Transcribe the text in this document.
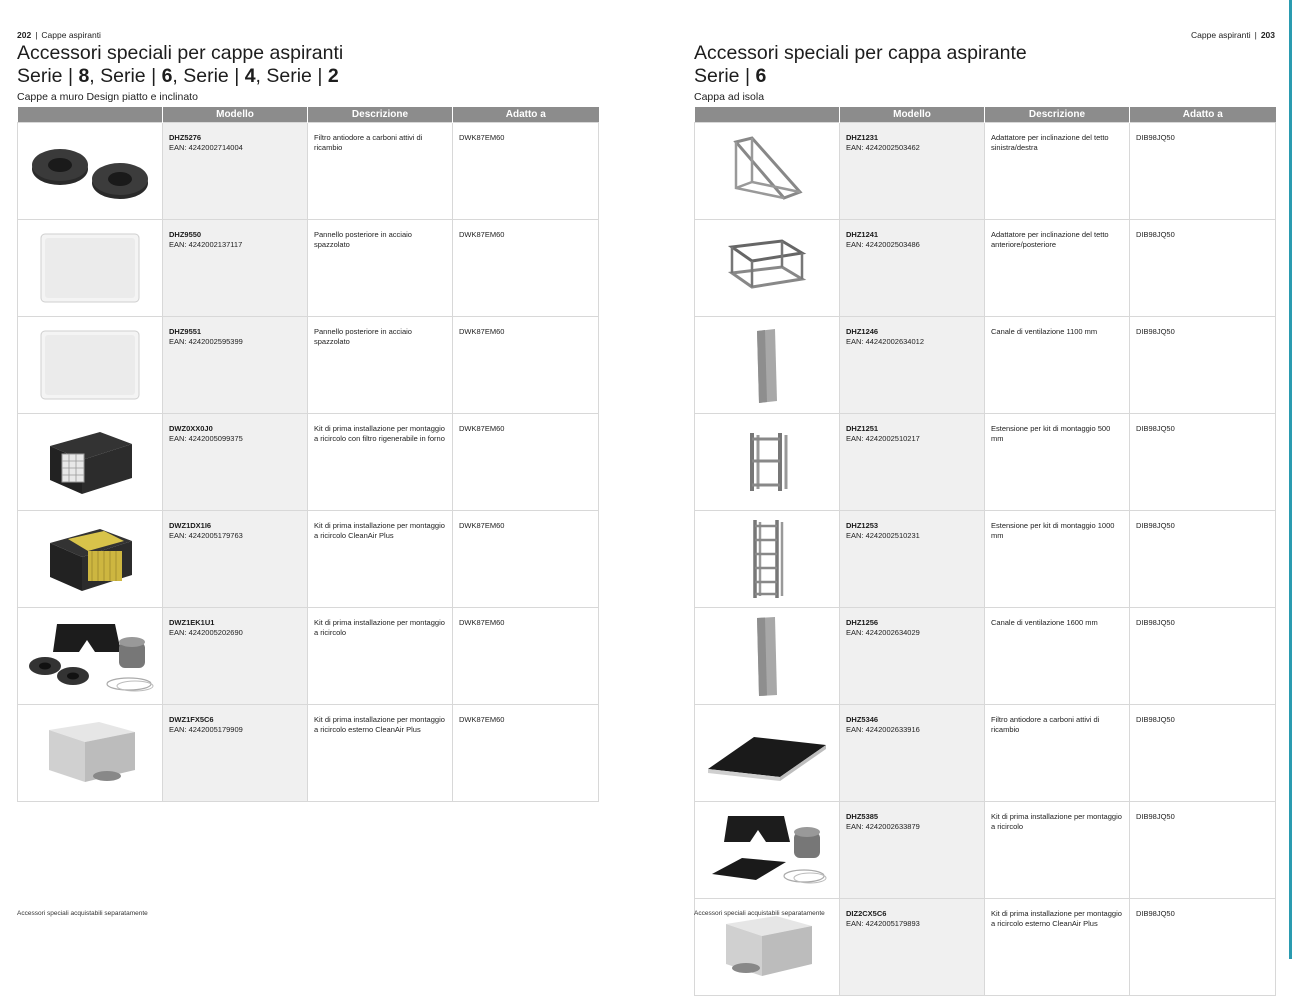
202 | Cappe aspiranti
Accessori speciali per cappe aspiranti
Serie | 8, Serie | 6, Serie | 4, Serie | 2
Cappe a muro Design piatto e inclinato
	Modello	Descrizione	Adatto a

DHZ5276
EAN: 4242002714004	Filtro antiodore a carboni attivi di ricambio	DWK87EM60

DHZ9550
EAN: 4242002137117	Pannello posteriore in acciaio spazzolato	DWK87EM60

DHZ9551
EAN: 4242002595399	Pannello posteriore in acciaio spazzolato	DWK87EM60

DWZ0XX0J0
EAN: 4242005099375	Kit di prima installazione per montaggio a ricircolo con filtro rigenerabile in forno	DWK87EM60

DWZ1DX1I6
EAN: 4242005179763	Kit di prima installazione per montaggio a ricircolo CleanAir Plus	DWK87EM60

DWZ1EK1U1
EAN: 4242005202690	Kit di prima installazione per montaggio a ricircolo	DWK87EM60

DWZ1FX5C6
EAN: 4242005179909	Kit di prima installazione per montaggio a ricircolo esterno CleanAir Plus	DWK87EM60
Accessori speciali acquistabili separatamente
Cappe aspiranti | 203
Accessori speciali per cappa aspirante
Serie | 6
Cappa ad isola
	Modello	Descrizione	Adatto a

DHZ1231
EAN: 4242002503462	Adattatore per inclinazione del tetto sinistra/destra	DIB98JQ50

DHZ1241
EAN: 4242002503486	Adattatore per inclinazione del tetto anteriore/posteriore	DIB98JQ50

DHZ1246
EAN: 44242002634012	Canale di ventilazione 1100 mm	DIB98JQ50

DHZ1251
EAN: 4242002510217	Estensione per kit di montaggio 500 mm	DIB98JQ50

DHZ1253
EAN: 4242002510231	Estensione per kit di montaggio 1000 mm	DIB98JQ50

DHZ1256
EAN: 4242002634029	Canale di ventilazione 1600 mm	DIB98JQ50

DHZ5346
EAN: 4242002633916	Filtro antiodore a carboni attivi di ricambio	DIB98JQ50

DHZ5385
EAN: 4242002633879	Kit di prima installazione per montaggio a ricircolo	DIB98JQ50

DIZ2CX5C6
EAN: 4242005179893	Kit di prima installazione per montaggio a ricircolo esterno CleanAir Plus	DIB98JQ50
Accessori speciali acquistabili separatamente
